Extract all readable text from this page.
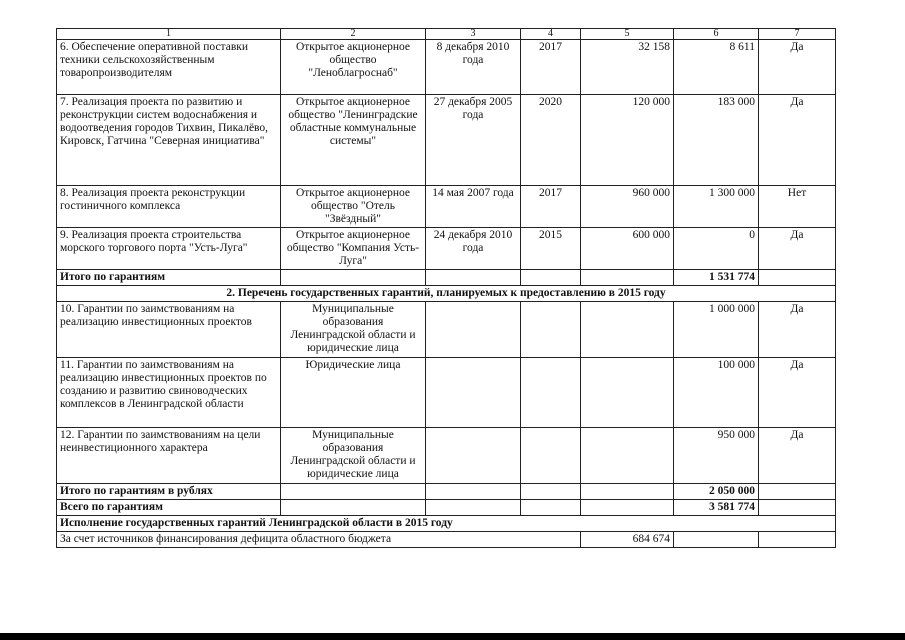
1	2	3	4	5	6	7
6. Обеспечение оперативной поставки техники сельскохозяйственным товаропроизводителям	Открытое акционерное общество "Леноблагроснаб"	8 декабря 2010 года	2017	32 158	8 611	Да
7. Реализация проекта по развитию и реконструкции систем водоснабжения и водоотведения городов Тихвин, Пикалёво, Кировск, Гатчина "Северная инициатива"	Открытое акционерное общество "Ленинградские областные коммунальные системы"	27 декабря 2005 года	2020	120 000	183 000	Да
8. Реализация проекта реконструкции гостиничного комплекса	Открытое акционерное общество "Отель "Звёздный"	14 мая 2007 года	2017	960 000	1 300 000	Нет
9. Реализация проекта строительства морского торгового порта "Усть-Луга"	Открытое акционерное общество "Компания Усть-Луга"	24 декабря 2010 года	2015	600 000	0	Да
Итого по гарантиям					1 531 774	
2. Перечень государственных гарантий, планируемых к предоставлению в 2015 году						
10. Гарантии по заимствованиям на реализацию инвестиционных проектов	Муниципальные образования Ленинградской области и юридические лица				1 000 000	Да
11. Гарантии по заимствованиям на реализацию инвестиционных проектов по созданию и развитию свиноводческих комплексов в Ленинградской области	Юридические лица				100 000	Да
12. Гарантии по заимствованиям на цели неинвестиционного характера	Муниципальные образования Ленинградской области и юридические лица				950 000	Да
Итого по гарантиям в рублях					2 050 000	
Всего по гарантиям					3 581 774	
Исполнение государственных гарантий Ленинградской области в 2015 году						
За счет источников финансирования дефицита областного бюджета				684 674		
